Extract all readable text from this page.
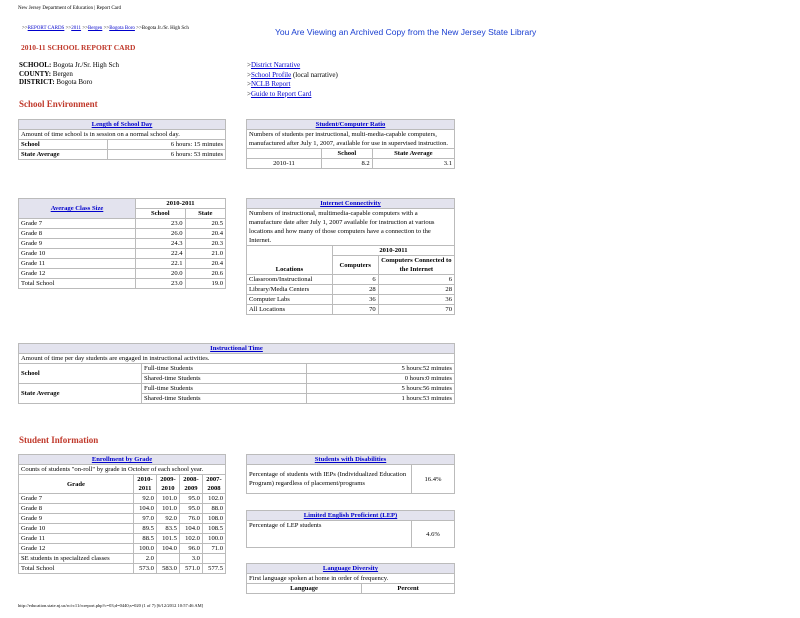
New Jersey Department of Education | Report Card
>>REPORT CARDS >>2011 >>Bergen >>Bogota Boro >>Bogota Jr./Sr. High Sch	You Are Viewing an Archived Copy from the New Jersey State Library
2010-11 SCHOOL REPORT CARD
SCHOOL: Bogota Jr./Sr. High Sch
COUNTY: Bergen
DISTRICT: Bogota Boro
>District Narrative
>School Profile (local narrative)
>NCLB Report
>Guide to Report Card
School Environment
Length of School Day	
Amount of time school is in session on a normal school day.	
School	6 hours: 15 minutes
State Average	6 hours: 53 minutes
Student/Computer Ratio		
Numbers of students per instructional, multi-media-capable computers, manufactured after July 1, 2007, available for use in supervised instruction.		
	School	State Average
2010-11	8.2	3.1
Average Class Size	2010-2011	
	School	State
Grade 7	23.0	20.5
Grade 8	26.0	20.4
Grade 9	24.3	20.3
Grade 10	22.4	21.0
Grade 11	22.1	20.4
Grade 12	20.0	20.6
Total School	23.0	19.0
Internet Connectivity		
Numbers of instructional, multimedia-capable computers with a manufacture date after July 1, 2007 available for instruction at various locations and how many of those computers have a connection to the Internet.		
Locations	2010-2011	
	Computers	Computers Connected to the Internet
Classroom/Instructional	6	6
Library/Media Centers	28	28
Computer Labs	36	36
All Locations	70	70
Instructional Time		
Amount of time per day students are engaged in instructional activities.		
School	Full-time Students	5 hours:52 minutes
	Shared-time Students	0 hours:0 minutes
State Average	Full-time Students	5 hours:56 minutes
	Shared-time Students	1 hours:53 minutes
Student Information
Enrollment by Grade				
Counts of students "on-roll" by grade in October of each school year.				
Grade	2010-2011	2009-2010	2008-2009	2007-2008
Grade 7	92.0	101.0	95.0	102.0
Grade 8	104.0	101.0	95.0	88.0
Grade 9	97.0	92.0	76.0	108.0
Grade 10	89.5	83.5	104.0	108.5
Grade 11	88.5	101.5	102.0	100.0
Grade 12	100.0	104.0	96.0	71.0
SE students in specialized classes	2.0		3.0	
Total School	573.0	583.0	571.0	577.5
Students with Disabilities
Percentage of students with IEPs (Individualized Education Program) regardless of placement/programs	16.4%
Limited English Proficient (LEP)
Percentage of LEP students	4.6%
Language Diversity
First language spoken at home in order of frequency.
Language	Percent
http://education.state.nj.us/rc/rc11/rcreport.php?c=03;d=0440;s=020 (1 of 7) [6/12/2012 10:57:46 AM]
